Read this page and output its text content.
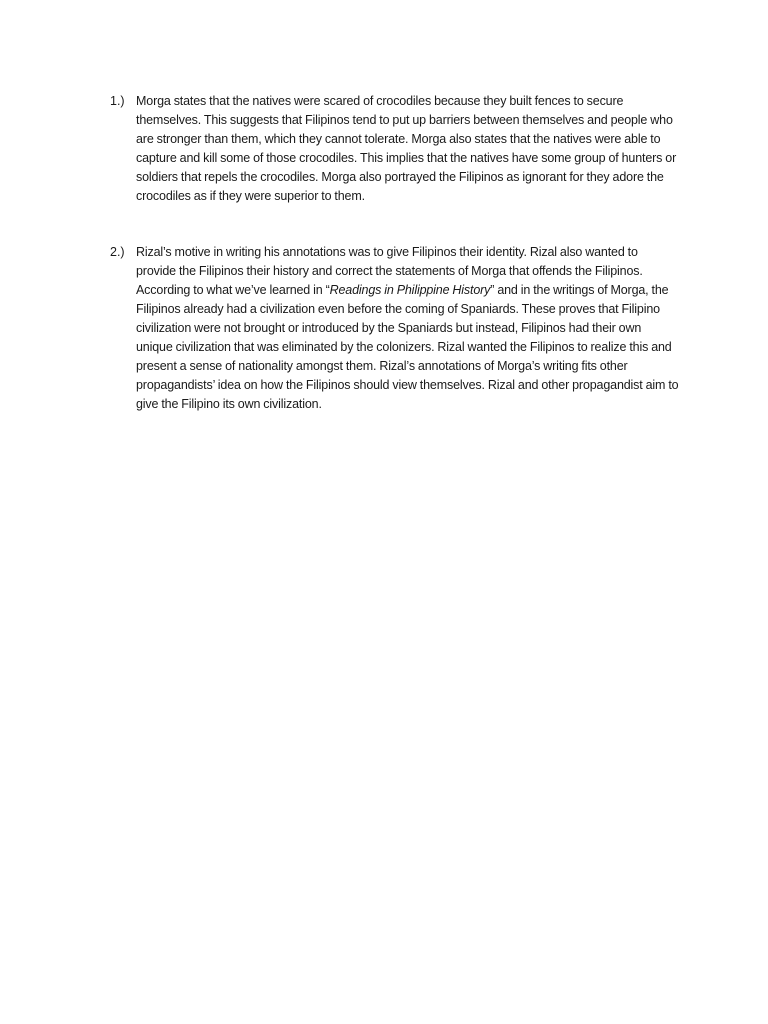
1.) Morga states that the natives were scared of crocodiles because they built fences to secure themselves. This suggests that Filipinos tend to put up barriers between themselves and people who are stronger than them, which they cannot tolerate. Morga also states that the natives were able to capture and kill some of those crocodiles. This implies that the natives have some group of hunters or soldiers that repels the crocodiles. Morga also portrayed the Filipinos as ignorant for they adore the crocodiles as if they were superior to them.

2.) Rizal’s motive in writing his annotations was to give Filipinos their identity. Rizal also wanted to provide the Filipinos their history and correct the statements of Morga that offends the Filipinos. According to what we’ve learned in “Readings in Philippine History” and in the writings of Morga, the Filipinos already had a civilization even before the coming of Spaniards. These proves that Filipino civilization were not brought or introduced by the Spaniards but instead, Filipinos had their own unique civilization that was eliminated by the colonizers. Rizal wanted the Filipinos to realize this and present a sense of nationality amongst them. Rizal’s annotations of Morga’s writing fits other propagandists’ idea on how the Filipinos should view themselves. Rizal and other propagandist aim to give the Filipino its own civilization.
